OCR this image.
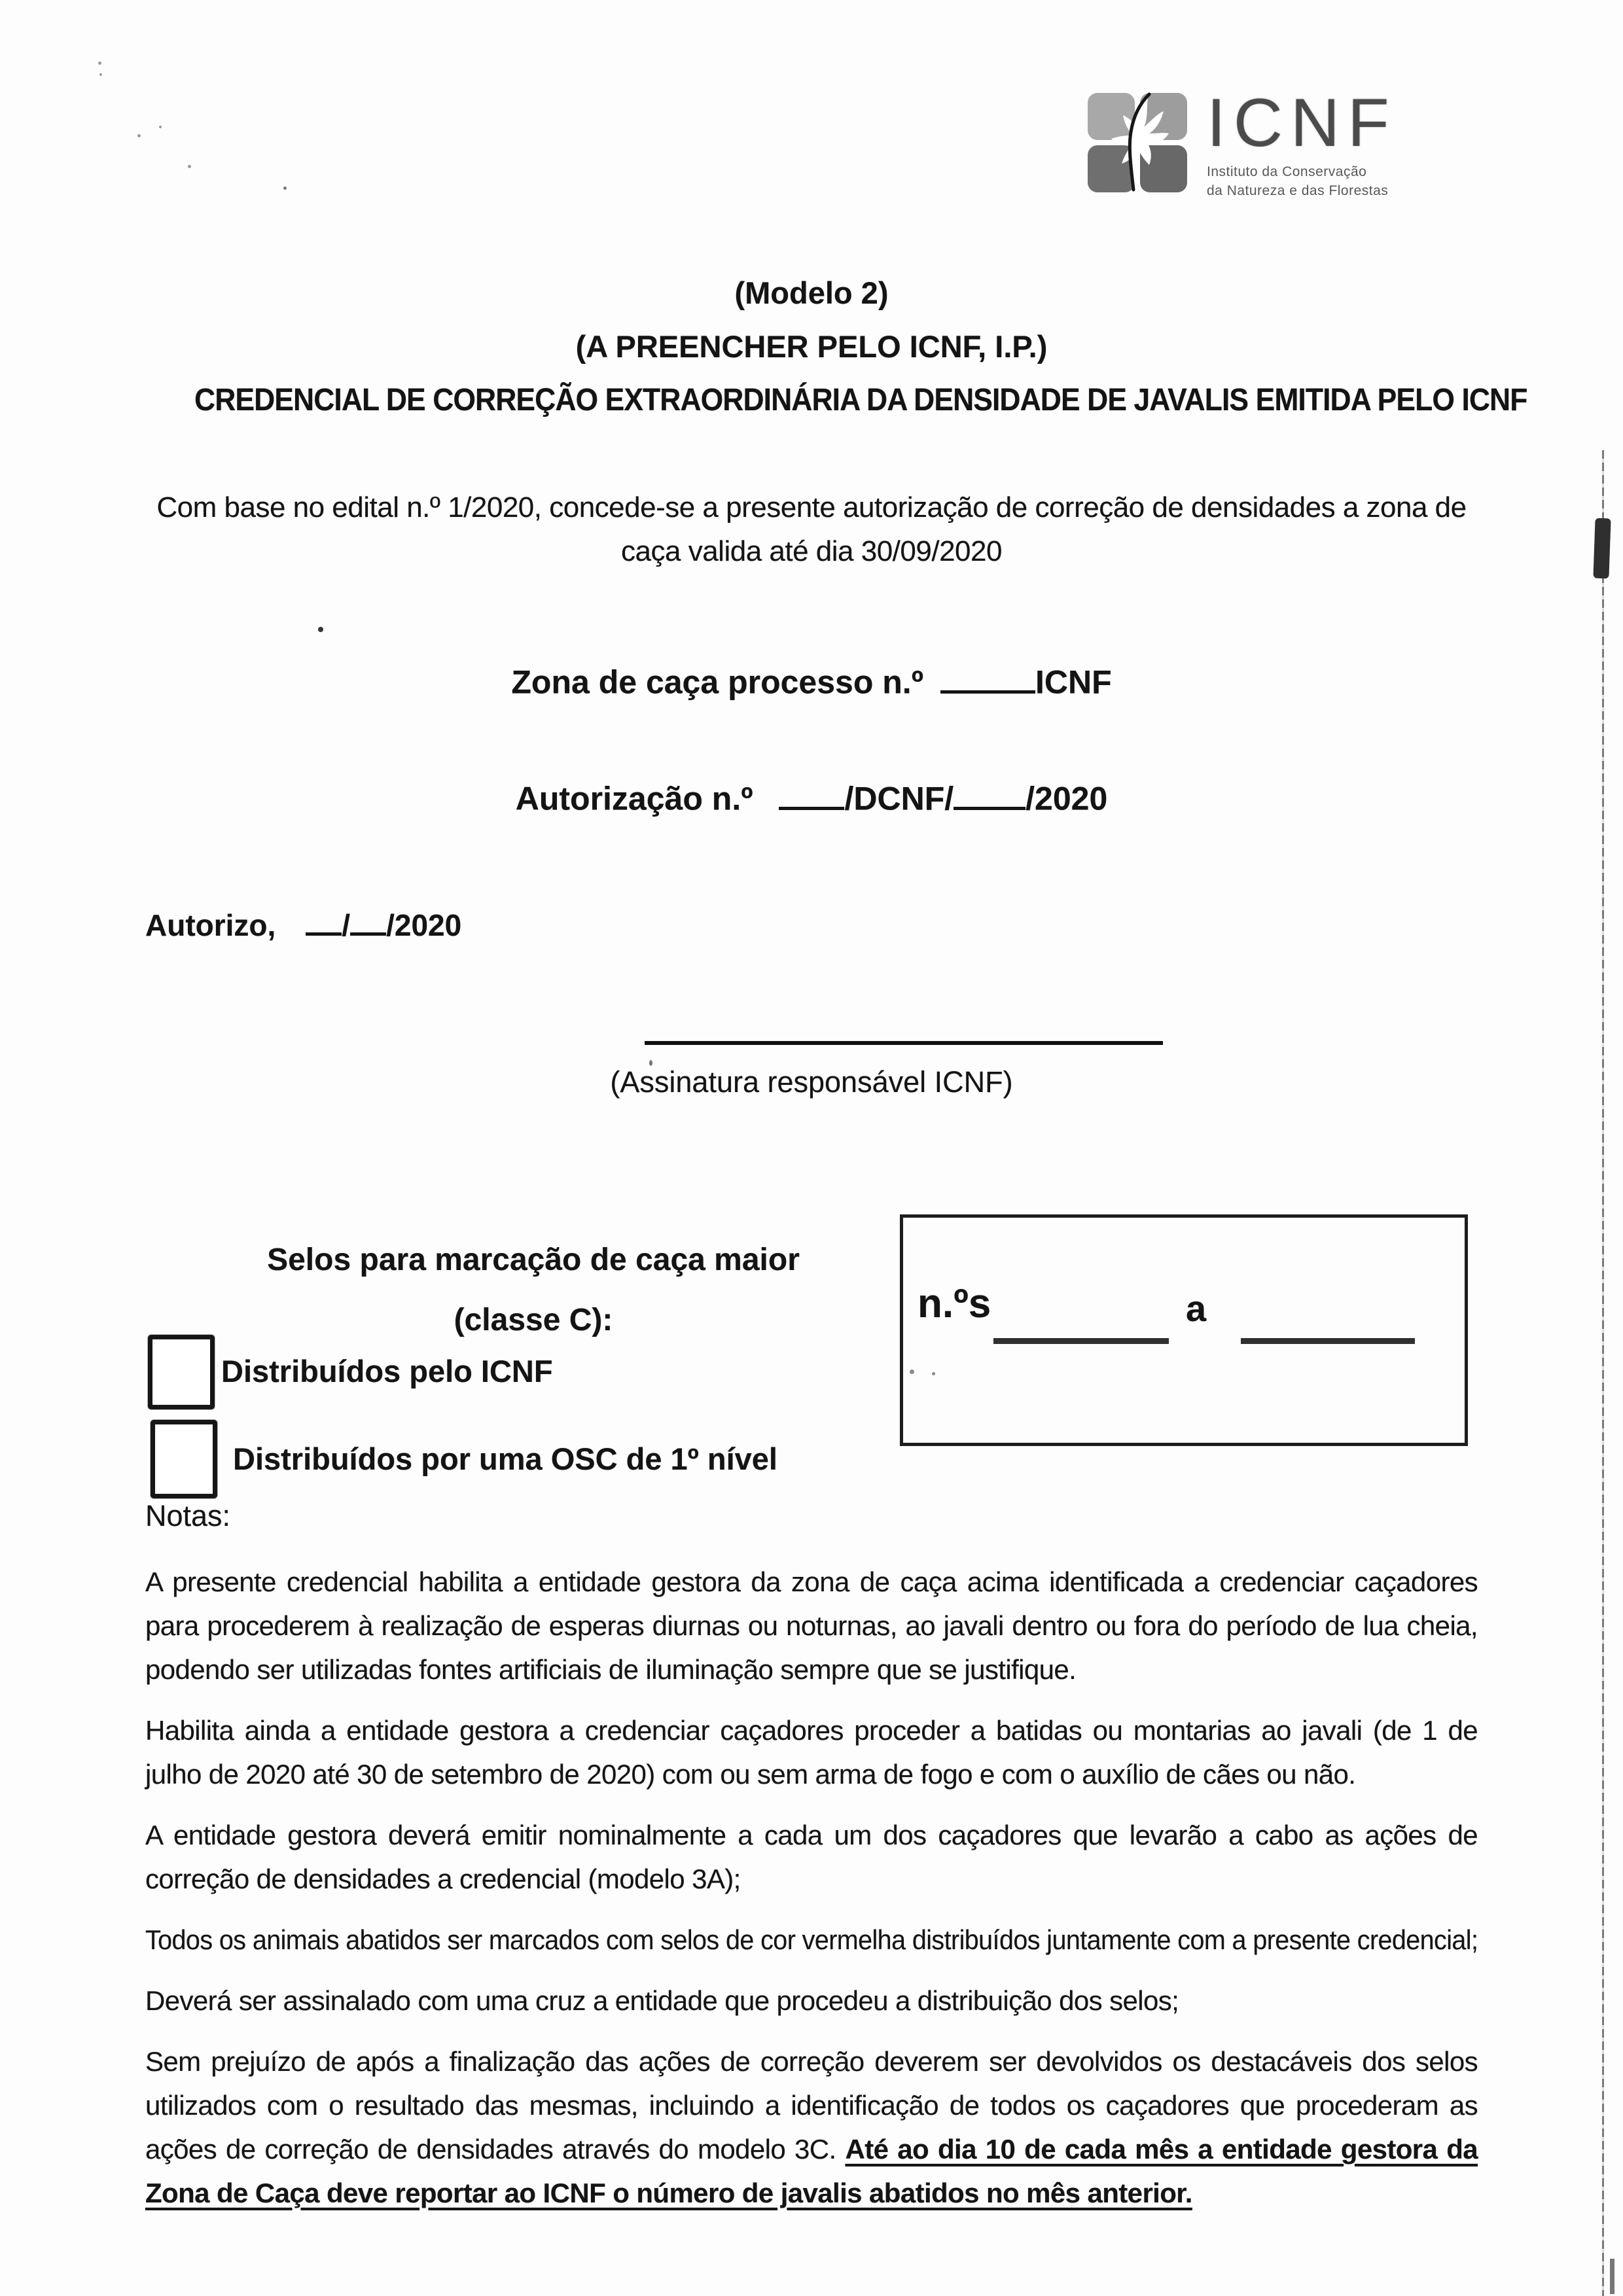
ICNF
Instituto da Conservação
da Natureza e das Florestas
(Modelo 2)
(A PREENCHER PELO ICNF, I.P.)
CREDENCIAL DE CORREÇÃO EXTRAORDINÁRIA DA DENSIDADE DE JAVALIS EMITIDA PELO ICNF
Com base no edital n.º 1/2020, concede-se a presente autorização de correção de densidades a zona de caça valida até dia 30/09/2020
Zona de caça processo n.º	ICNF
Autorização n.º	/DCNF/ /2020
Autorizo, / /2020
(Assinatura responsável ICNF)
Selos para marcação de caça maior
(classe C):
Distribuídos pelo ICNF
Distribuídos por uma OSC de 1º nível
n.ºs	a

Notas:

A presente credencial habilita a entidade gestora da zona de caça acima identificada a credenciar caçadores para procederem à realização de esperas diurnas ou noturnas, ao javali dentro ou fora do período de lua cheia, podendo ser utilizadas fontes artificiais de iluminação sempre que se justifique.

Habilita ainda a entidade gestora a credenciar caçadores proceder a batidas ou montarias ao javali (de 1 de julho de 2020 até 30 de setembro de 2020) com ou sem arma de fogo e com o auxílio de cães ou não.

A entidade gestora deverá emitir nominalmente a cada um dos caçadores que levarão a cabo as ações de correção de densidades a credencial (modelo 3A);

Todos os animais abatidos ser marcados com selos de cor vermelha distribuídos juntamente com a presente credencial;

Deverá ser assinalado com uma cruz a entidade que procedeu a distribuição dos selos;

Sem prejuízo de após a finalização das ações de correção deverem ser devolvidos os destacáveis dos selos utilizados com o resultado das mesmas, incluindo a identificação de todos os caçadores que procederam as ações de correção de densidades através do modelo 3C. Até ao dia 10 de cada mês a entidade gestora da Zona de Caça deve reportar ao ICNF o número de javalis abatidos no mês anterior.
